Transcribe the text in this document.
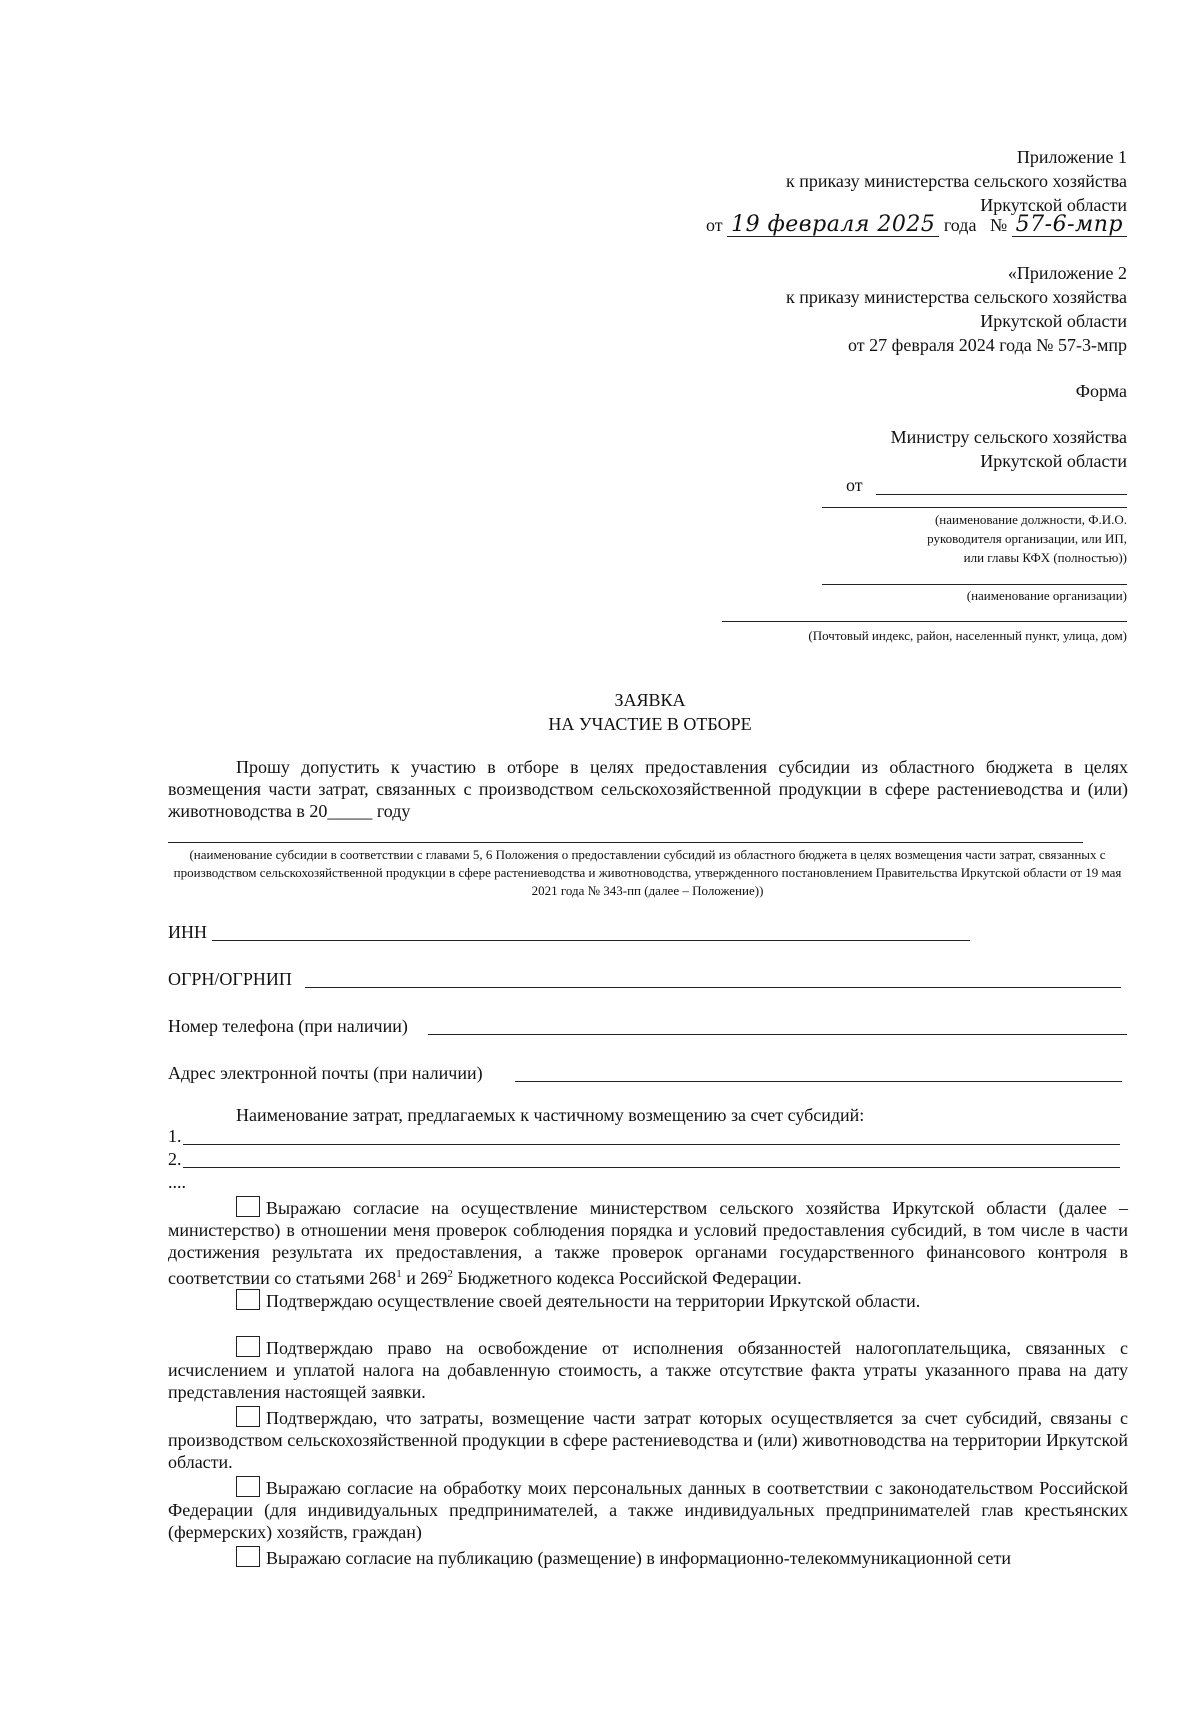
Приложение 1
к приказу министерства сельского хозяйства
Иркутской области
от 19 февраля 2025 года № 57-6-мпр
«Приложение 2
к приказу министерства сельского хозяйства
Иркутской области
от 27 февраля 2024 года № 57-3-мпр
Форма
Министру сельского хозяйства
Иркутской области
от
(наименование должности, Ф.И.О.
руководителя организации, или ИП,
или главы КФХ (полностью))
(наименование организации)
(Почтовый индекс, район, населенный пункт, улица, дом)
ЗАЯВКА
НА УЧАСТИЕ В ОТБОРЕ
Прошу допустить к участию в отборе в целях предоставления субсидии из областного бюджета в целях возмещения части затрат, связанных с производством сельскохозяйственной продукции в сфере растениеводства и (или) животноводства в 20_____ году
(наименование субсидии в соответствии с главами 5, 6 Положения о предоставлении субсидий из областного бюджета в целях возмещения части затрат, связанных с производством сельскохозяйственной продукции в сфере растениеводства и животноводства, утвержденного постановлением Правительства Иркутской области от 19 мая 2021 года № 343-пп (далее – Положение))
ИНН
ОГРН/ОГРНИП
Номер телефона (при наличии)
Адрес электронной почты (при наличии)
Наименование затрат, предлагаемых к частичному возмещению за счет субсидий:
1.
2.
....
Выражаю согласие на осуществление министерством сельского хозяйства Иркутской области (далее – министерство) в отношении меня проверок соблюдения порядка и условий предоставления субсидий, в том числе в части достижения результата их предоставления, а также проверок органами государственного финансового контроля в соответствии со статьями $268^1$ и $269^2$ Бюджетного кодекса Российской Федерации.
Подтверждаю осуществление своей деятельности на территории Иркутской области.
Подтверждаю право на освобождение от исполнения обязанностей налогоплательщика, связанных с исчислением и уплатой налога на добавленную стоимость, а также отсутствие факта утраты указанного права на дату представления настоящей заявки.
Подтверждаю, что затраты, возмещение части затрат которых осуществляется за счет субсидий, связаны с производством сельскохозяйственной продукции в сфере растениеводства и (или) животноводства на территории Иркутской области.
Выражаю согласие на обработку моих персональных данных в соответствии с законодательством Российской Федерации (для индивидуальных предпринимателей, а также индивидуальных предпринимателей глав крестьянских (фермерских) хозяйств, граждан)
Выражаю согласие на публикацию (размещение) в информационно-телекоммуникационной сети
